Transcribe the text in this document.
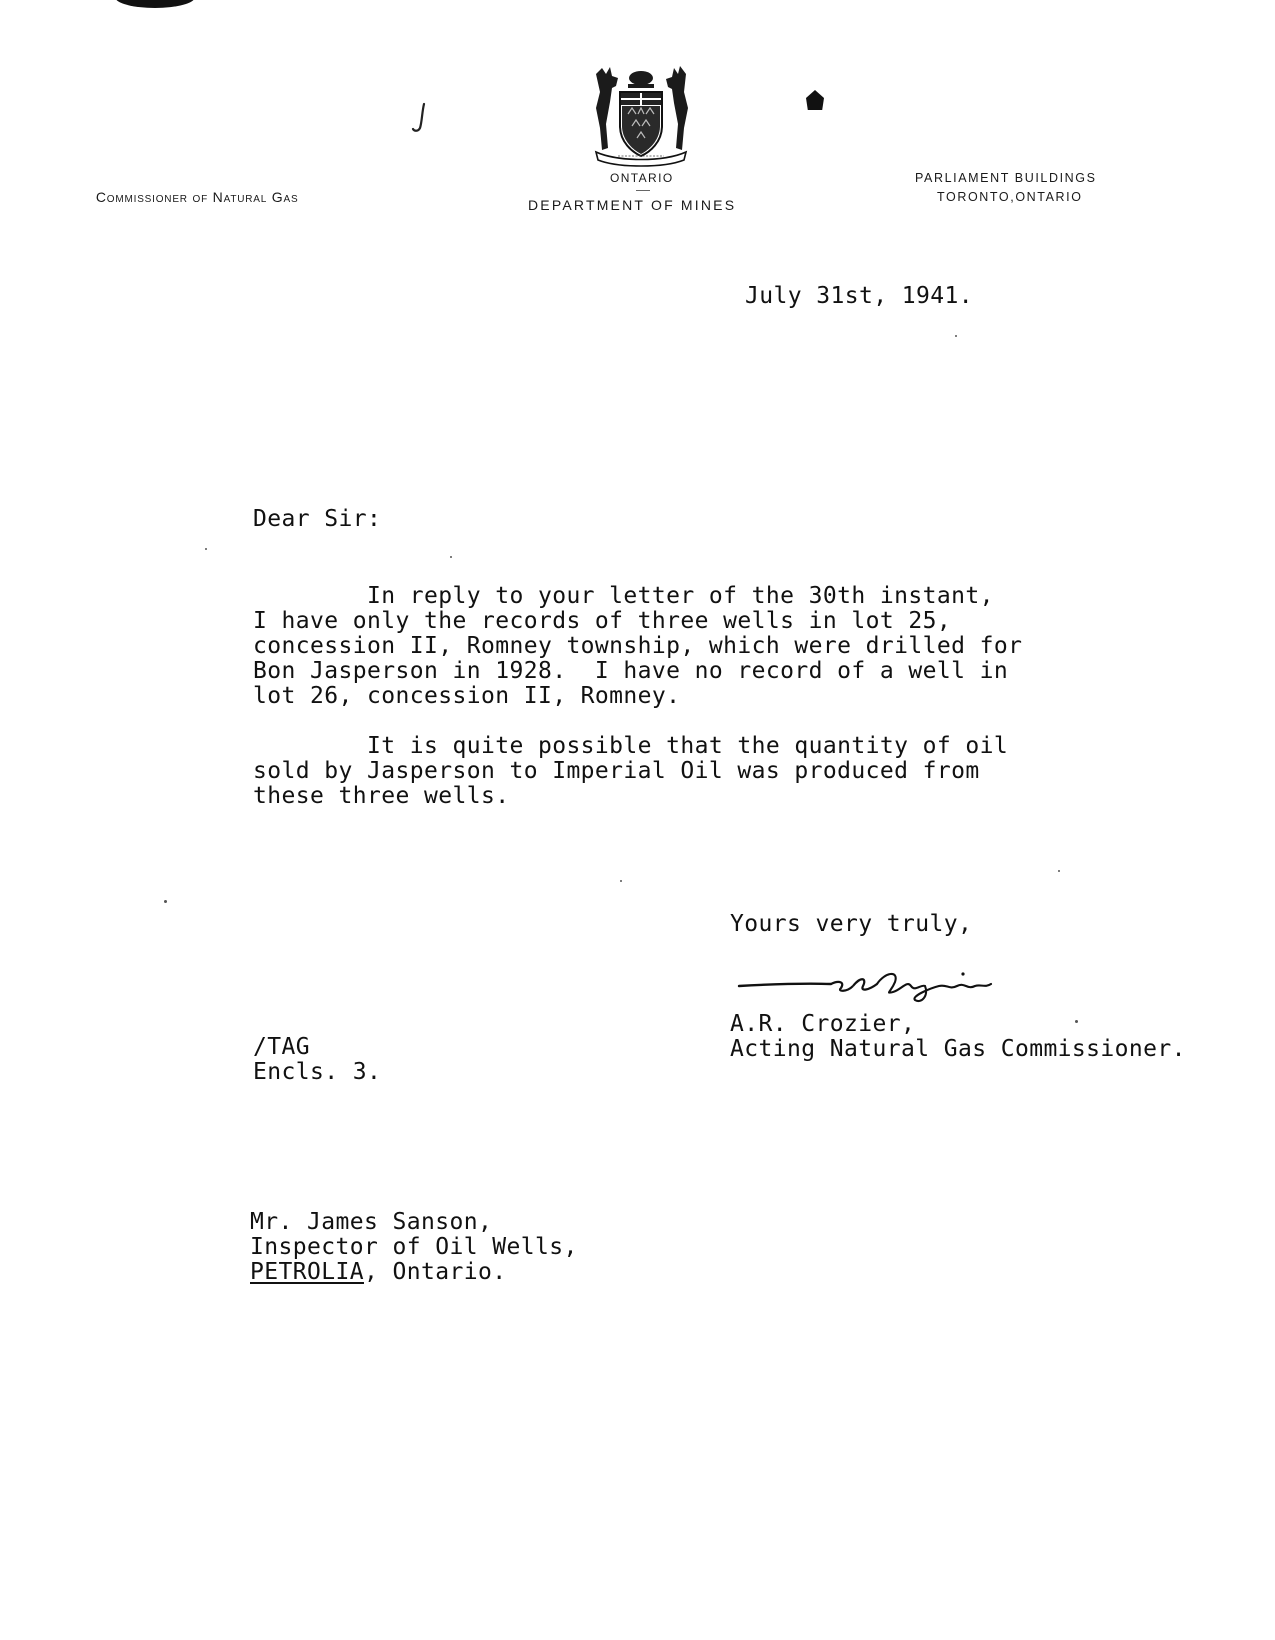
Commissioner of Natural Gas

ONTARIO
DEPARTMENT OF MINES
PARLIAMENT BUILDINGS
TORONTO,ONTARIO
July 31st, 1941.
Dear Sir:
In reply to your letter of the 30th instant,
I have only the records of three wells in lot 25,
concession II, Romney township, which were drilled for
Bon Jasperson in 1928.  I have no record of a well in
lot 26, concession II, Romney.
It is quite possible that the quantity of oil
sold by Jasperson to Imperial Oil was produced from
these three wells.
Yours very truly,
A.R. Crozier,
Acting Natural Gas Commissioner.
/TAG
Encls. 3.
Mr. James Sanson,
Inspector of Oil Wells,
PETROLIA, Ontario.
